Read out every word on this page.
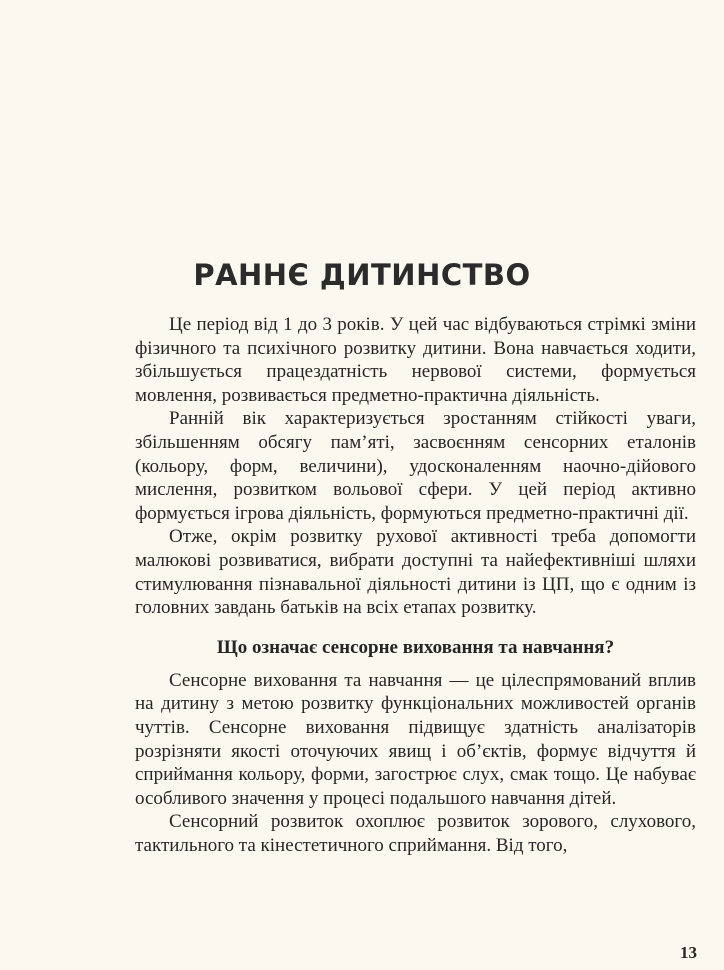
РАННЄ ДИТИНСТВО

Це період від 1 до 3 років. У цей час відбуваються стрімкі зміни фізичного та психічного розвитку дитини. Вона навчається ходити, збільшується працездатність нервової системи, формується мовлення, розвивається предметно-практична діяльність.

Ранній вік характеризується зростанням стійкості уваги, збільшенням обсягу пам’яті, засвоєнням сенсорних еталонів (кольору, форм, величини), удосконаленням наочно-дійового мислення, розвитком вольової сфери. У цей період активно формується ігрова діяльність, формуються предметно-практичні дії.

Отже, окрім розвитку рухової активності треба допомогти малюкові розвиватися, вибрати доступні та найефективніші шляхи стимулювання пізнавальної діяльності дитини із ЦП, що є одним із головних завдань батьків на всіх етапах розвитку.

Що означає сенсорне виховання та навчання?

Сенсорне виховання та навчання — це цілеспрямований вплив на дитину з метою розвитку функціональних можливостей органів чуттів. Сенсорне виховання підвищує здатність аналізаторів розрізняти якості оточуючих явищ і об’єктів, формує відчуття й сприймання кольору, форми, загострює слух, смак тощо. Це набуває особливого значення у процесі подальшого навчання дітей.

Сенсорний розвиток охоплює розвиток зорового, слухового, тактильного та кінестетичного сприймання. Від того,

13
